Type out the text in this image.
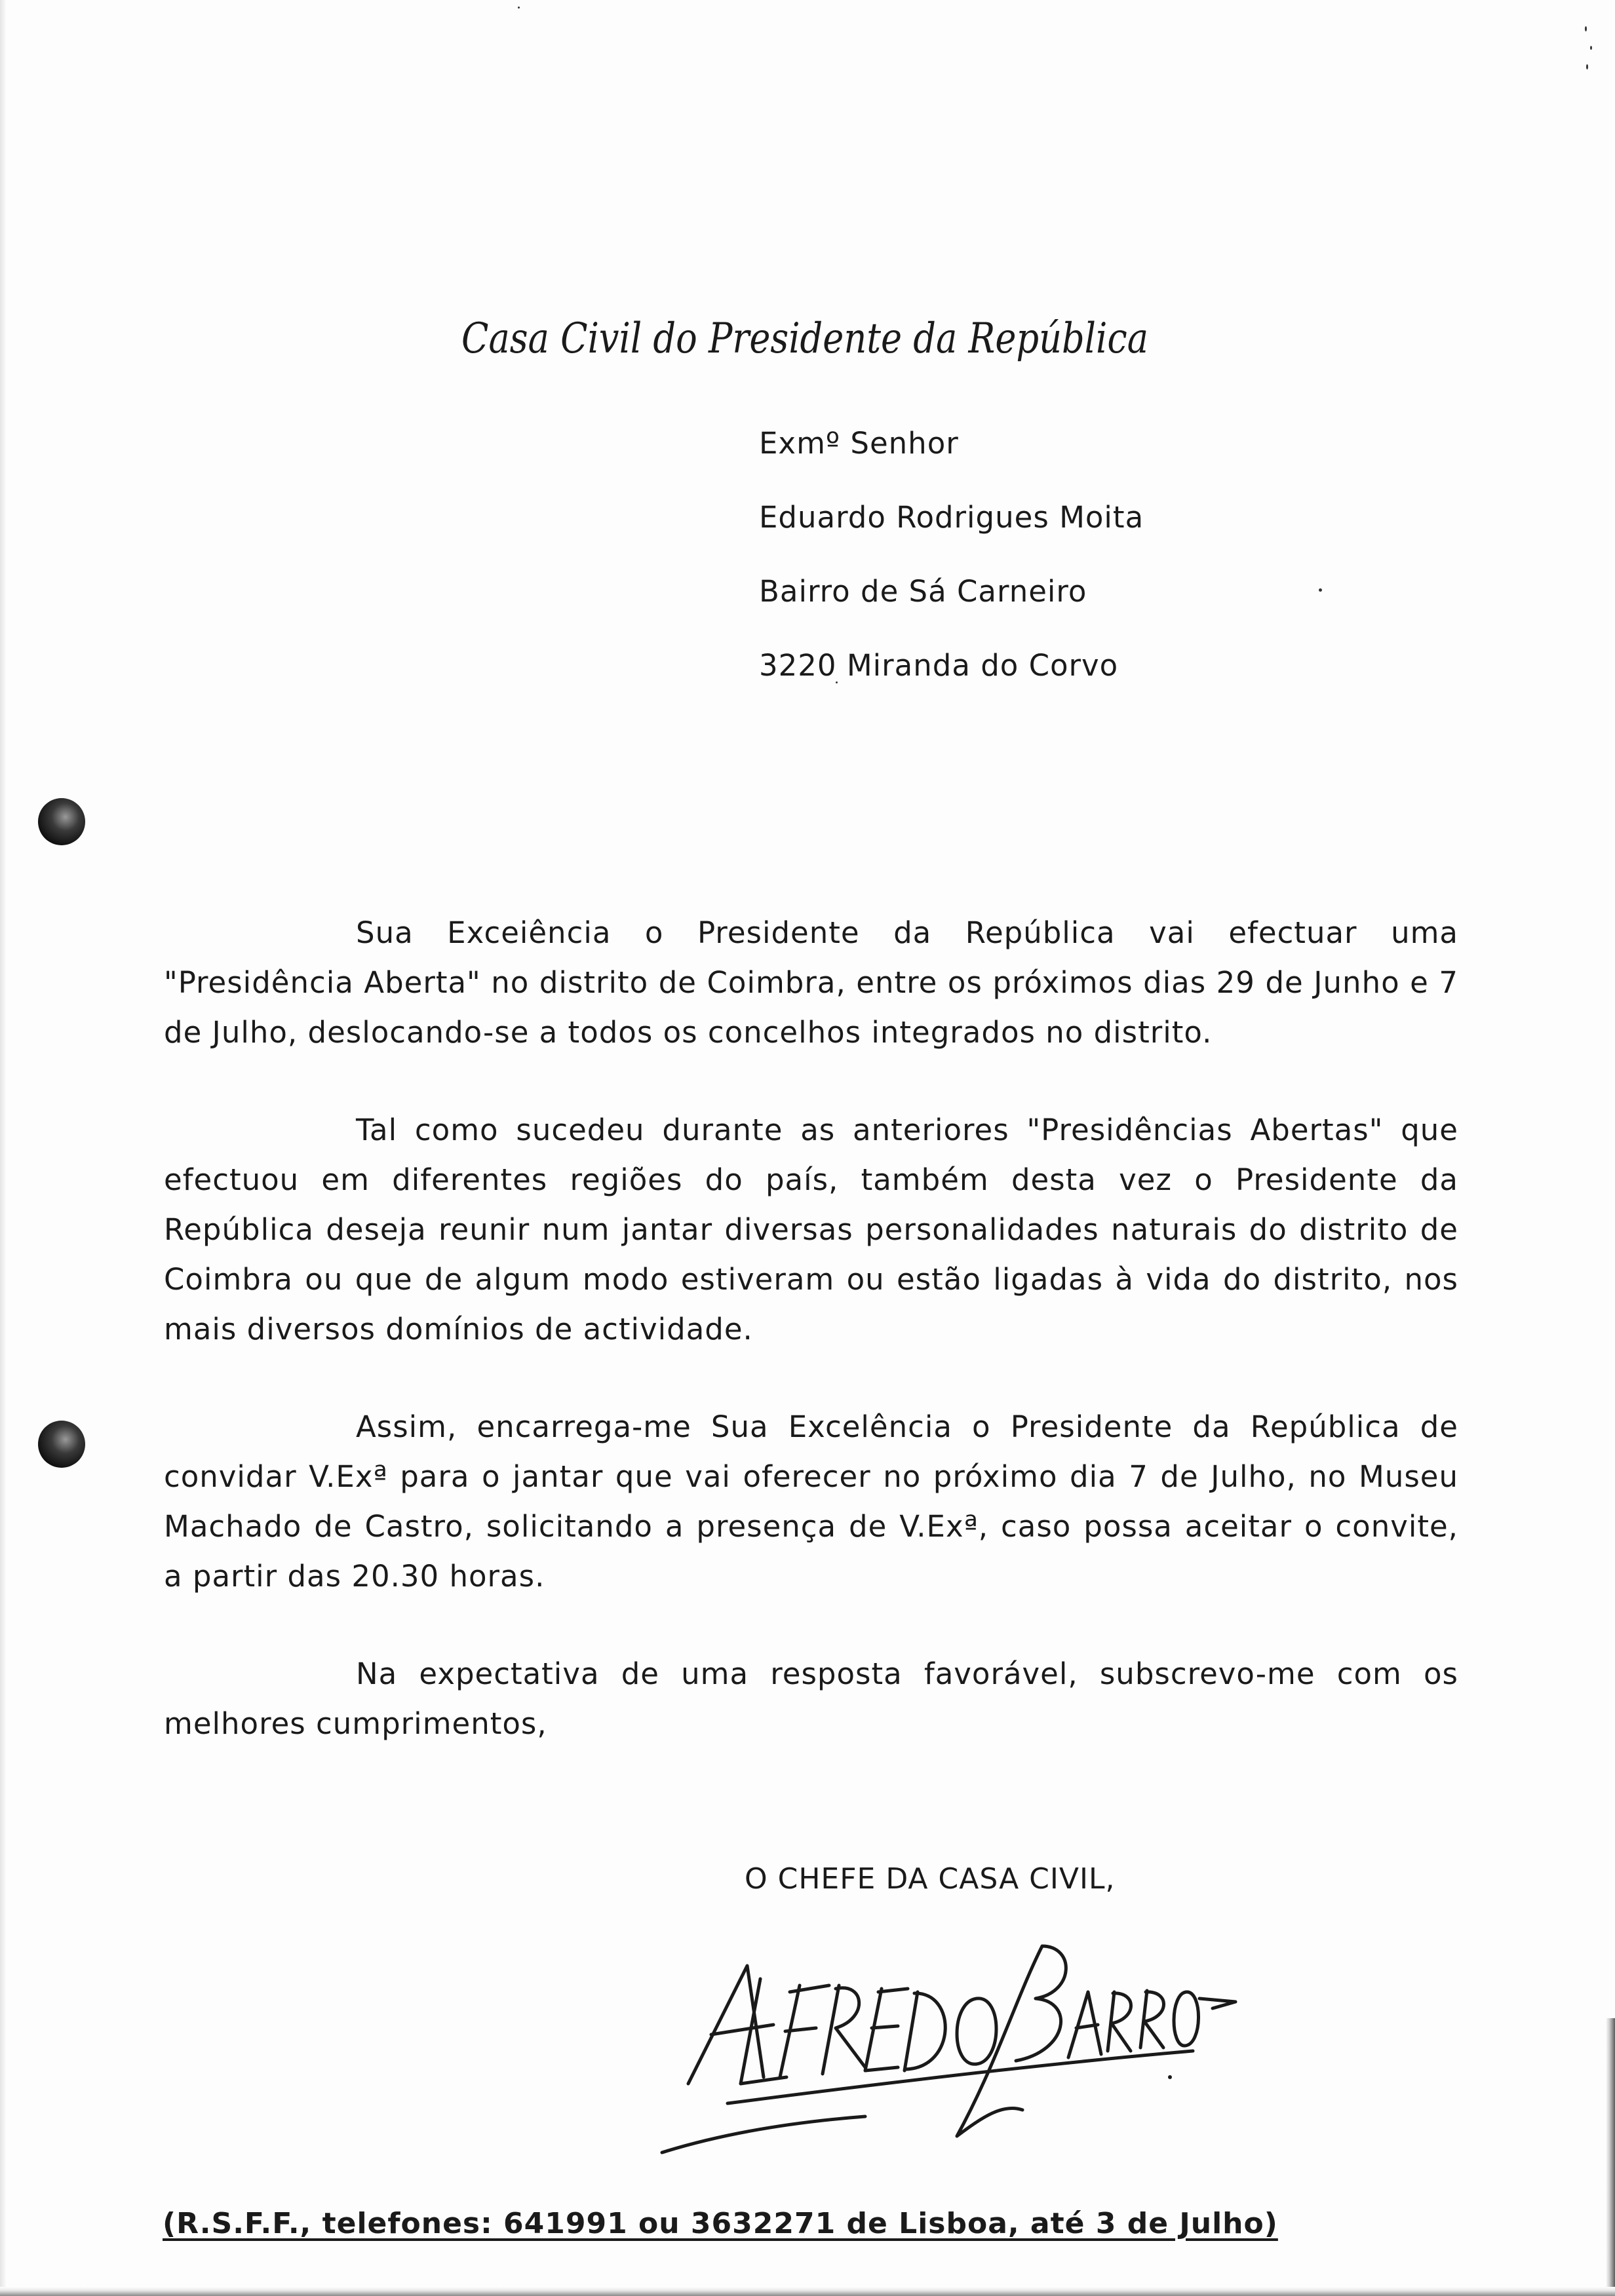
Casa Civil do Presidente da República
Exmº Senhor
Eduardo Rodrigues Moita
Bairro de Sá Carneiro
3220 Miranda do Corvo

Sua Exceiência o Presidente da República vai efectuar uma "Presidência Aberta" no distrito de Coimbra, entre os próximos dias 29 de Junho e 7 de Julho, deslocando-se a todos os concelhos integrados no distrito.

Tal como sucedeu durante as anteriores "Presidências Abertas" que efectuou em diferentes regiões do país, também desta vez o Presidente da República deseja reunir num jantar diversas personalidades naturais do distrito de Coimbra ou que de algum modo estiveram ou estão ligadas à vida do distrito, nos mais diversos domínios de actividade.

Assim, encarrega-me Sua Excelência o Presidente da República de convidar V.Exª para o jantar que vai oferecer no próximo dia 7 de Julho, no Museu Machado de Castro, solicitando a presença de V.Exª, caso possa aceitar o convite, a partir das 20.30 horas.

Na expectativa de uma resposta favorável, subscrevo-me com os melhores cumprimentos,

O CHEFE DA CASA CIVIL,
(R.S.F.F., telefones: 641991 ou 3632271 de Lisboa, até 3 de Julho)
